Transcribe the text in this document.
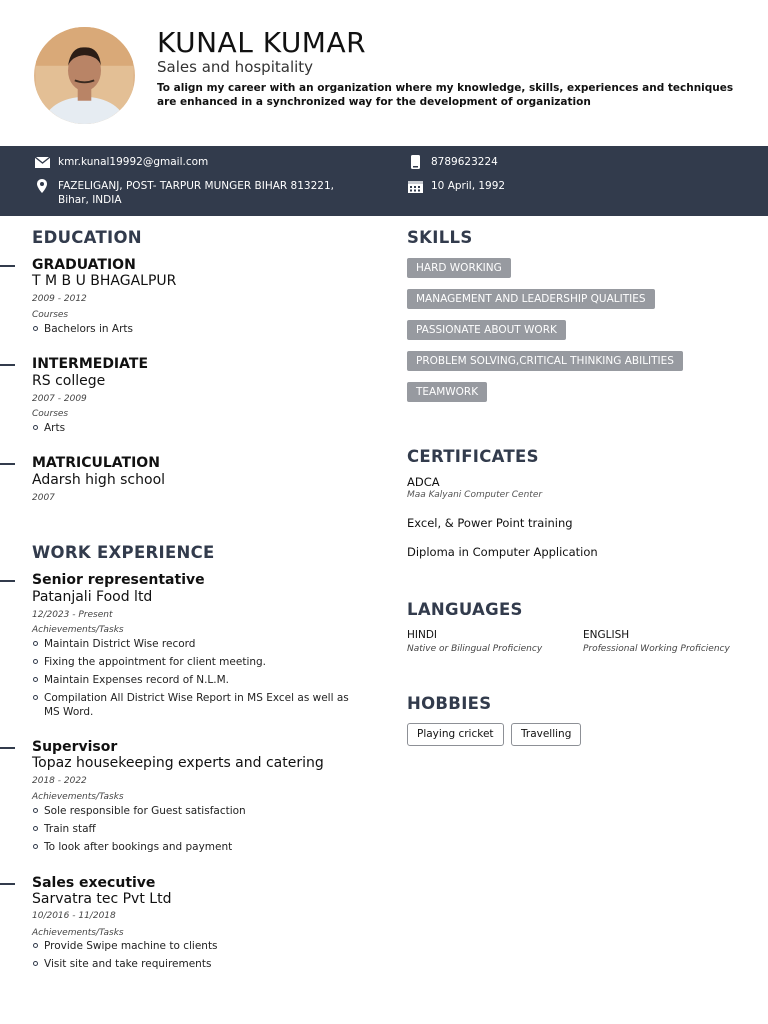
KUNAL KUMAR
Sales and hospitality
To align my career with an organization where my knowledge, skills, experiences and techniques are enhanced in a synchronized way for the development of organization
kmr.kunal19992@gmail.com	8789623224
FAZELIGANJ, POST- TARPUR MUNGER BIHAR 813221,
Bihar, INDIA
10 April, 1992
EDUCATION
GRADUATION
T M B U BHAGALPUR
2009 - 2012
Courses
Bachelors in Arts
INTERMEDIATE
RS college
2007 - 2009
Courses
Arts
MATRICULATION
Adarsh high school
2007
WORK EXPERIENCE
Senior representative
Patanjali Food ltd
12/2023 - Present
Achievements/Tasks
Maintain District Wise record
Fixing the appointment for client meeting.
Maintain Expenses record of N.L.M.
Compilation All District Wise Report in MS Excel as well as MS Word.
Supervisor
Topaz housekeeping experts and catering
2018 - 2022
Achievements/Tasks
Sole responsible for Guest satisfaction
Train staff
To look after bookings and payment
Sales executive
Sarvatra tec Pvt Ltd
10/2016 - 11/2018
Achievements/Tasks
Provide Swipe machine to clients
Visit site and take requirements
SKILLS
HARD WORKING
MANAGEMENT AND LEADERSHIP QUALITIES
PASSIONATE ABOUT WORK
PROBLEM SOLVING,CRITICAL THINKING ABILITIES
TEAMWORK
CERTIFICATES
ADCA
Maa Kalyani Computer Center
Excel, & Power Point training
Diploma in Computer Application
LANGUAGES
HINDI
Native or Bilingual Proficiency
ENGLISH
Professional Working Proficiency
HOBBIES
Playing cricket	Travelling
